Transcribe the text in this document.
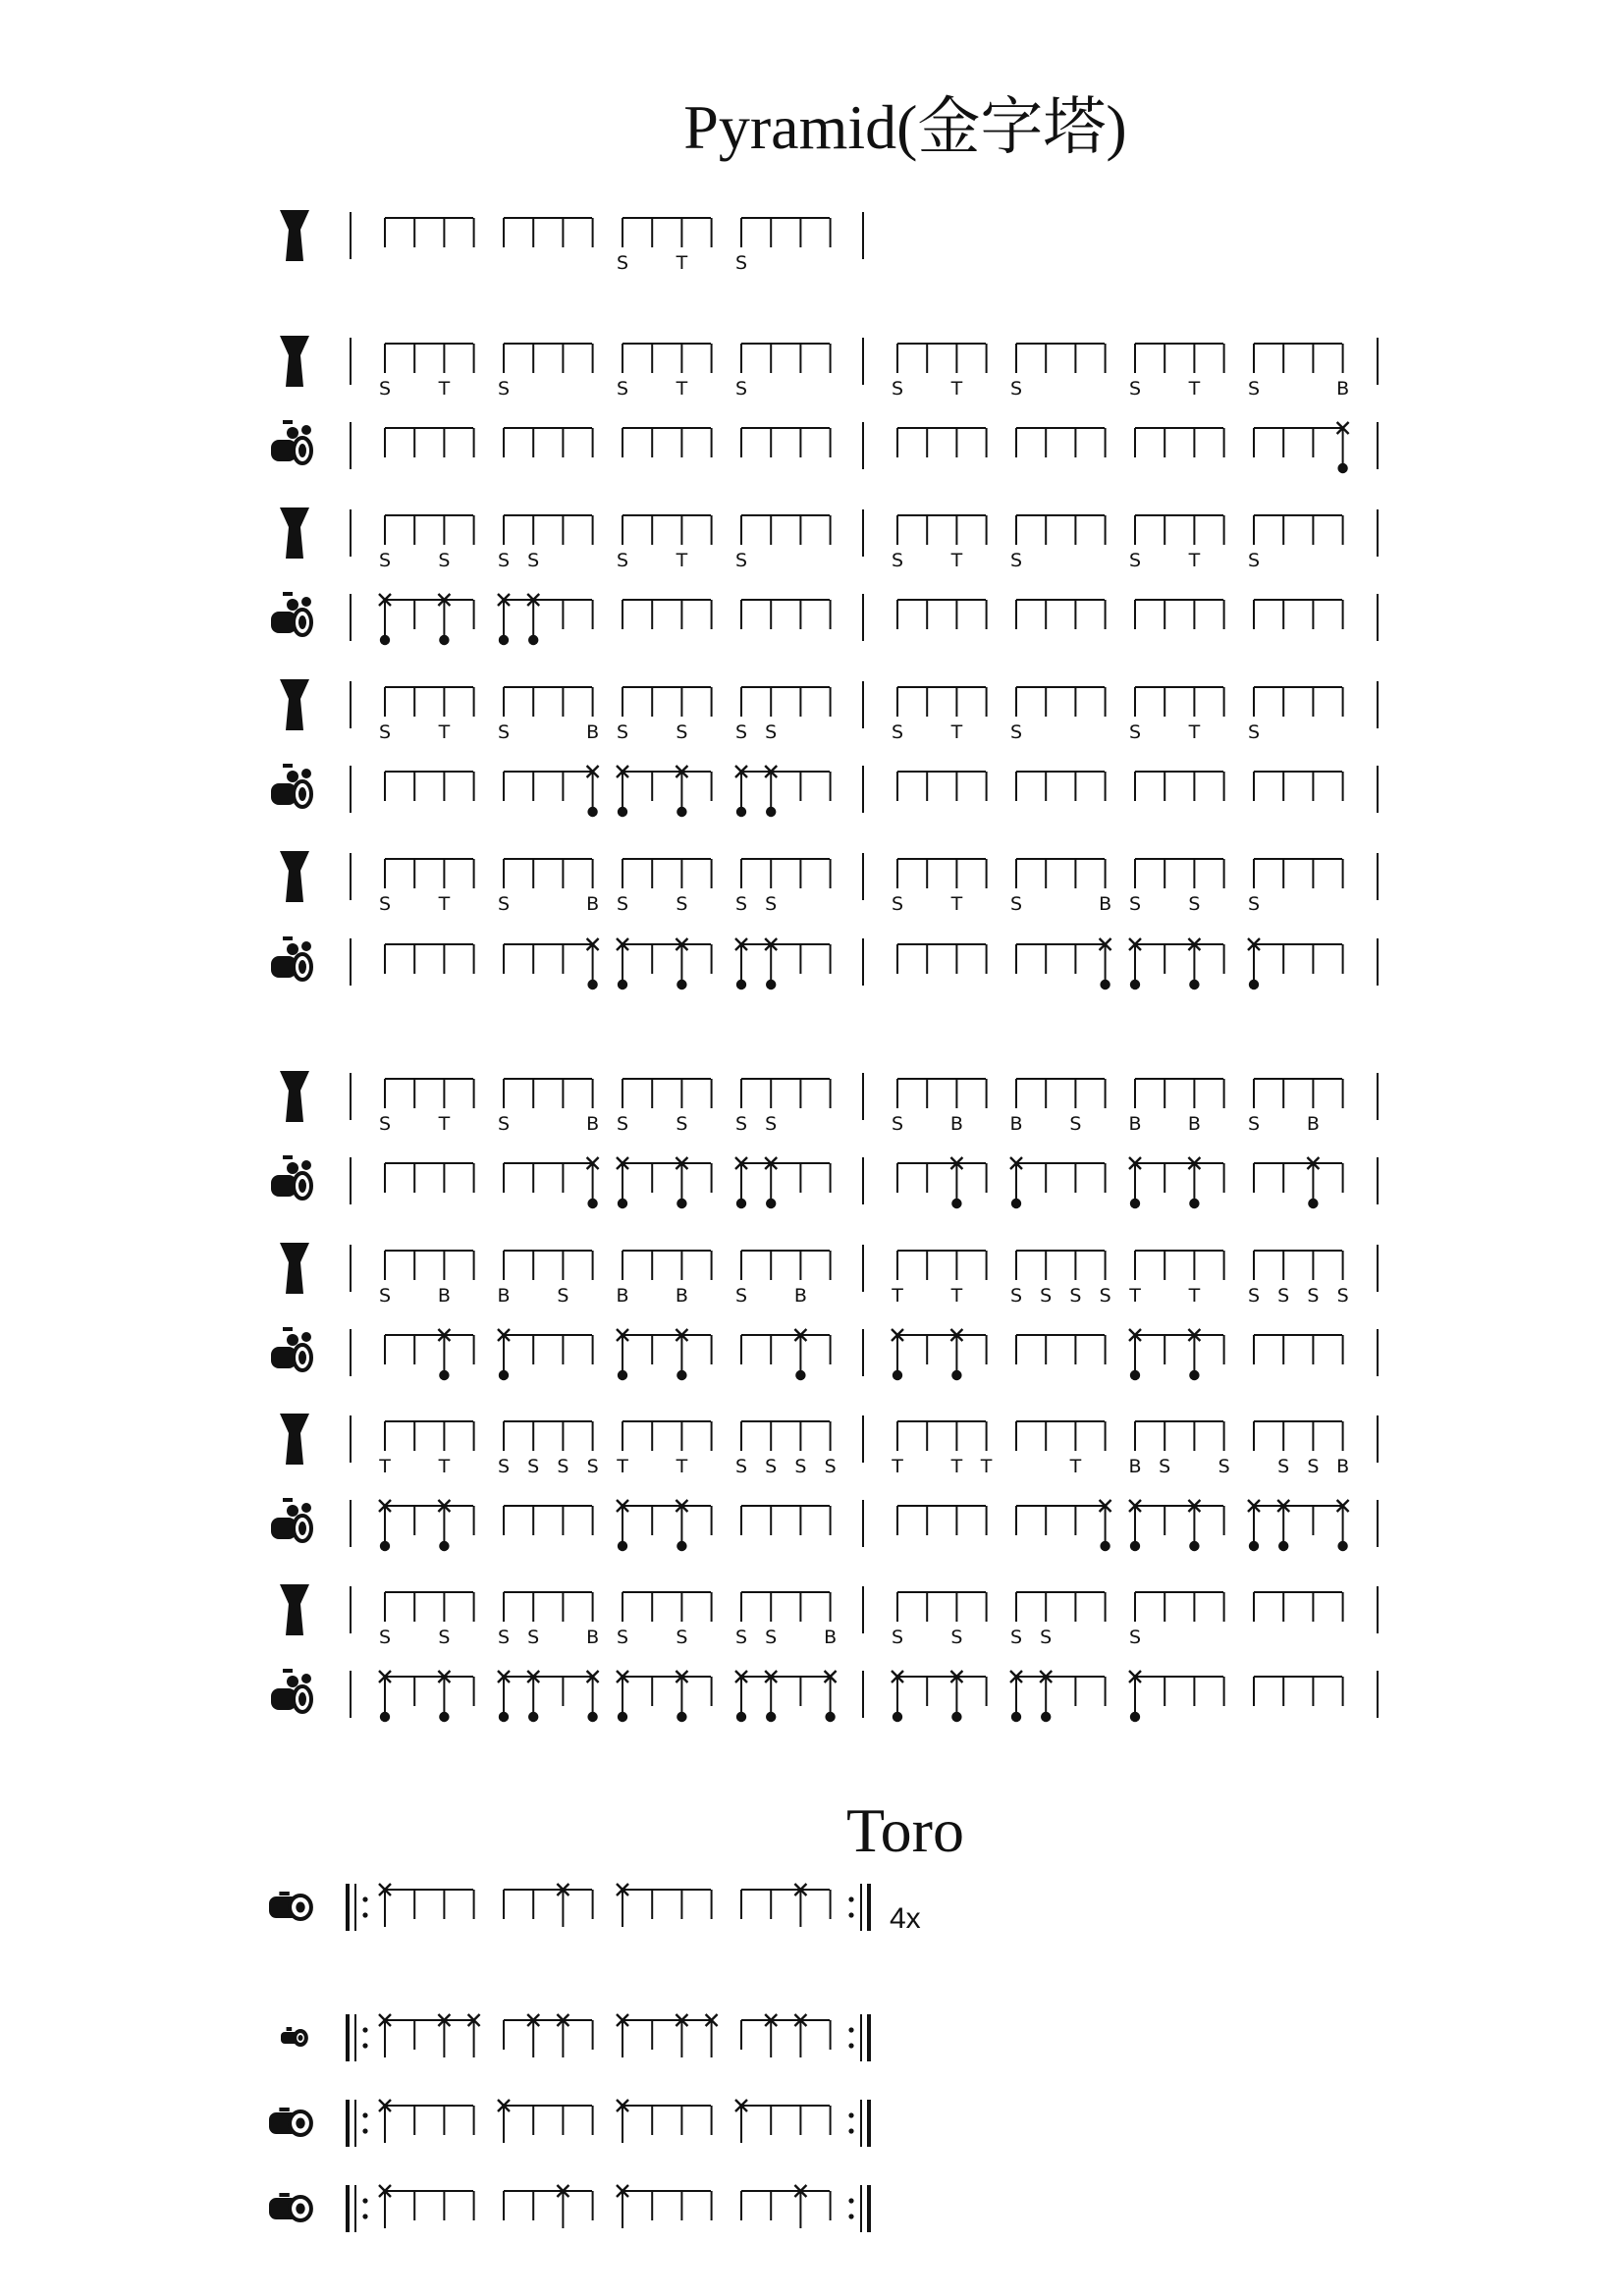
Pyramid(金字塔)
Toro
4x
S	T	S
S	T	S	S	T	S	S	T	S	S	T	S	B
S	S	S S	S	T	S	S	T	S	S	T	S
S	T	S	B S	S	S S	S	T	S	S	T	S
S	T	S	B S	S	S S	S	T	S	B S	S	S
S	T	S	B S	S	S S	S	B	B	S	B B	S	B
S	B	B	S	B B	S	B	T	T	S S S S T	T	S S S S
T	T	S S S S T	T	S S S S	T	T T	T	B S	S	S S B
S	S	S S	B S	S	S S	B	S	S	S S	S
